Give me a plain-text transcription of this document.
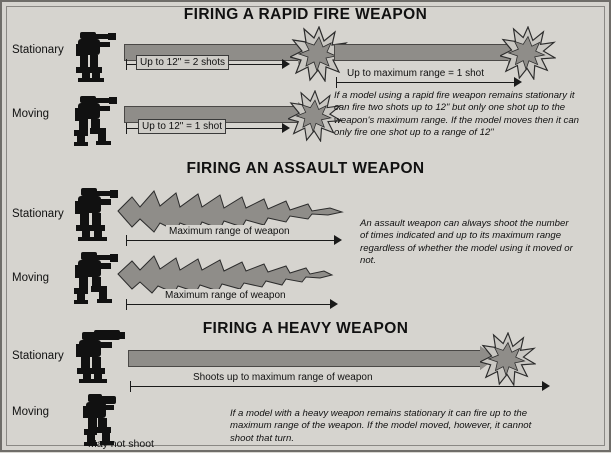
FIRING A RAPID FIRE WEAPON
Stationary
Up to 12" = 2 shots
Up to maximum range = 1 shot
Moving
Up to 12" = 1 shot
If a model using a rapid fire weapon remains stationary it can fire two shots up to 12" but only one shot up to the weapon's maximum range. If the model moves then it can only fire one shot up to a range of 12"
FIRING AN ASSAULT WEAPON
Stationary
Maximum range of weapon
Moving
Maximum range of weapon
An assault weapon can always shoot the number of times indicated and up to its maximum range regardless of whether the model using it moved or not.
FIRING A HEAVY WEAPON
Stationary
Shoots up to maximum range of weapon
Moving
May not shoot
If a model with a heavy weapon remains stationary it can fire up to the maximum range of the weapon. If the model moved, however, it cannot shoot that turn.
